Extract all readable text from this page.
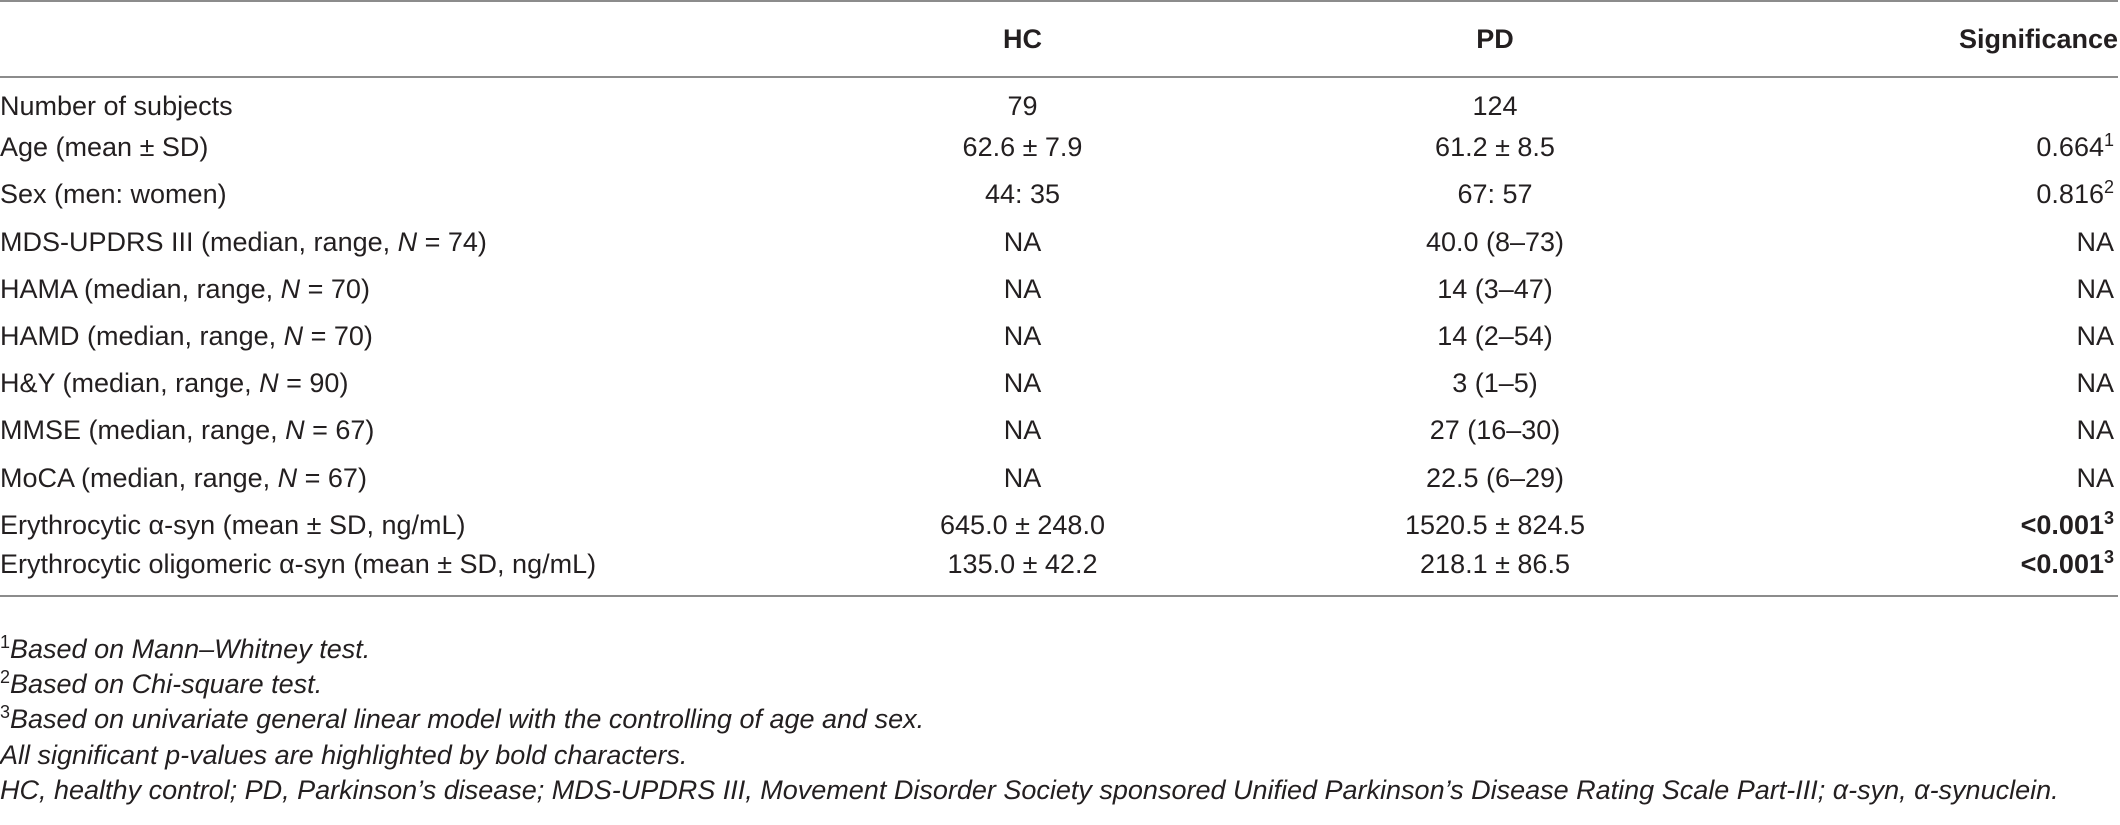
	HC	PD	Significance
Number of subjects	79	124	
Age (mean ± SD)	62.6 ± 7.9	61.2 ± 8.5	0.664$^1$
Sex (men: women)	44: 35	67: 57	0.816$^2$
MDS-UPDRS III (median, range, N = 74)	NA	40.0 (8–73)	NA
HAMA (median, range, N = 70)	NA	14 (3–47)	NA
HAMD (median, range, N = 70)	NA	14 (2–54)	NA
H&Y (median, range, N = 90)	NA	3 (1–5)	NA
MMSE (median, range, N = 67)	NA	27 (16–30)	NA
MoCA (median, range, N = 67)	NA	22.5 (6–29)	NA
Erythrocytic α-syn (mean ± SD, ng/mL)	645.0 ± 248.0	1520.5 ± 824.5	$<0.001^3$
Erythrocytic oligomeric α-syn (mean ± SD, ng/mL)	135.0 ± 42.2	218.1 ± 86.5	$<0.001^3$
$^1$Based on Mann–Whitney test.
$^2$Based on Chi-square test.
$^3$Based on univariate general linear model with the controlling of age and sex.
All significant p-values are highlighted by bold characters.
HC, healthy control; PD, Parkinson’s disease; MDS-UPDRS III, Movement Disorder Society sponsored Unified Parkinson’s Disease Rating Scale Part-III; α-syn, α-synuclein.
